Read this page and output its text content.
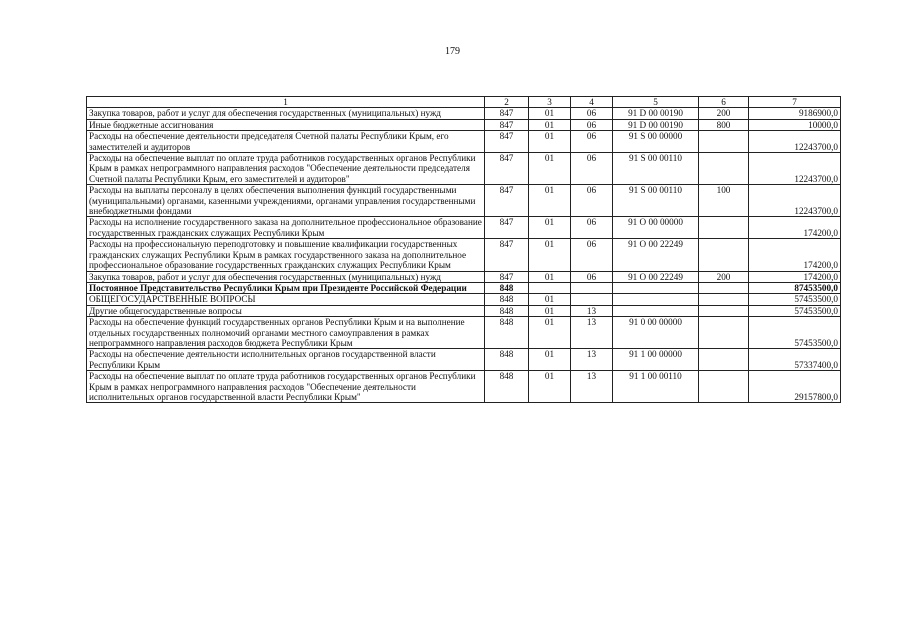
179
1	2	3	4	5	6	7
Закупка товаров, работ и услуг для обеспечения государственных (муниципальных) нужд	847	01	06	91 D 00 00190	200	9186900,0
Иные бюджетные ассигнования	847	01	06	91 D 00 00190	800	10000,0
Расходы на обеспечение деятельности председателя Счетной палаты Республики Крым, его заместителей и аудиторов	847	01	06	91 S 00 00000		12243700,0
Расходы на обеспечение выплат по оплате труда работников государственных органов Республики Крым в рамках непрограммного направления расходов "Обеспечение деятельности председателя Счетной палаты Республики Крым, его заместителей и аудиторов"	847	01	06	91 S 00 00110		12243700,0
Расходы на выплаты персоналу в целях обеспечения выполнения функций государственными (муниципальными) органами, казенными учреждениями, органами управления государственными внебюджетными фондами	847	01	06	91 S 00 00110	100	12243700,0
Расходы на исполнение государственного заказа на дополнительное профессиональное образование государственных гражданских служащих Республики Крым	847	01	06	91 О 00 00000		174200,0
Расходы на профессиональную переподготовку и повышение квалификации государственных гражданских служащих Республики Крым в рамках государственного заказа на дополнительное профессиональное образование государственных гражданских служащих Республики Крым	847	01	06	91 О 00 22249		174200,0
Закупка товаров, работ и услуг для обеспечения государственных (муниципальных) нужд	847	01	06	91 О 00 22249	200	174200,0
Постоянное Представительство Республики Крым при Президенте Российской Федерации	848					87453500,0
ОБЩЕГОСУДАРСТВЕННЫЕ ВОПРОСЫ	848	01				57453500,0
Другие общегосударственные вопросы	848	01	13			57453500,0
Расходы на обеспечение функций государственных органов Республики Крым и на выполнение отдельных государственных полномочий органами местного самоуправления в рамках непрограммного направления расходов бюджета Республики Крым	848	01	13	91 0 00 00000		57453500,0
Расходы на обеспечение деятельности исполнительных органов государственной власти Республики Крым	848	01	13	91 1 00 00000		57337400,0
Расходы на обеспечение выплат по оплате труда работников государственных органов Республики Крым в рамках непрограммного направления расходов "Обеспечение деятельности исполнительных органов государственной власти Республики Крым"	848	01	13	91 1 00 00110		29157800,0
